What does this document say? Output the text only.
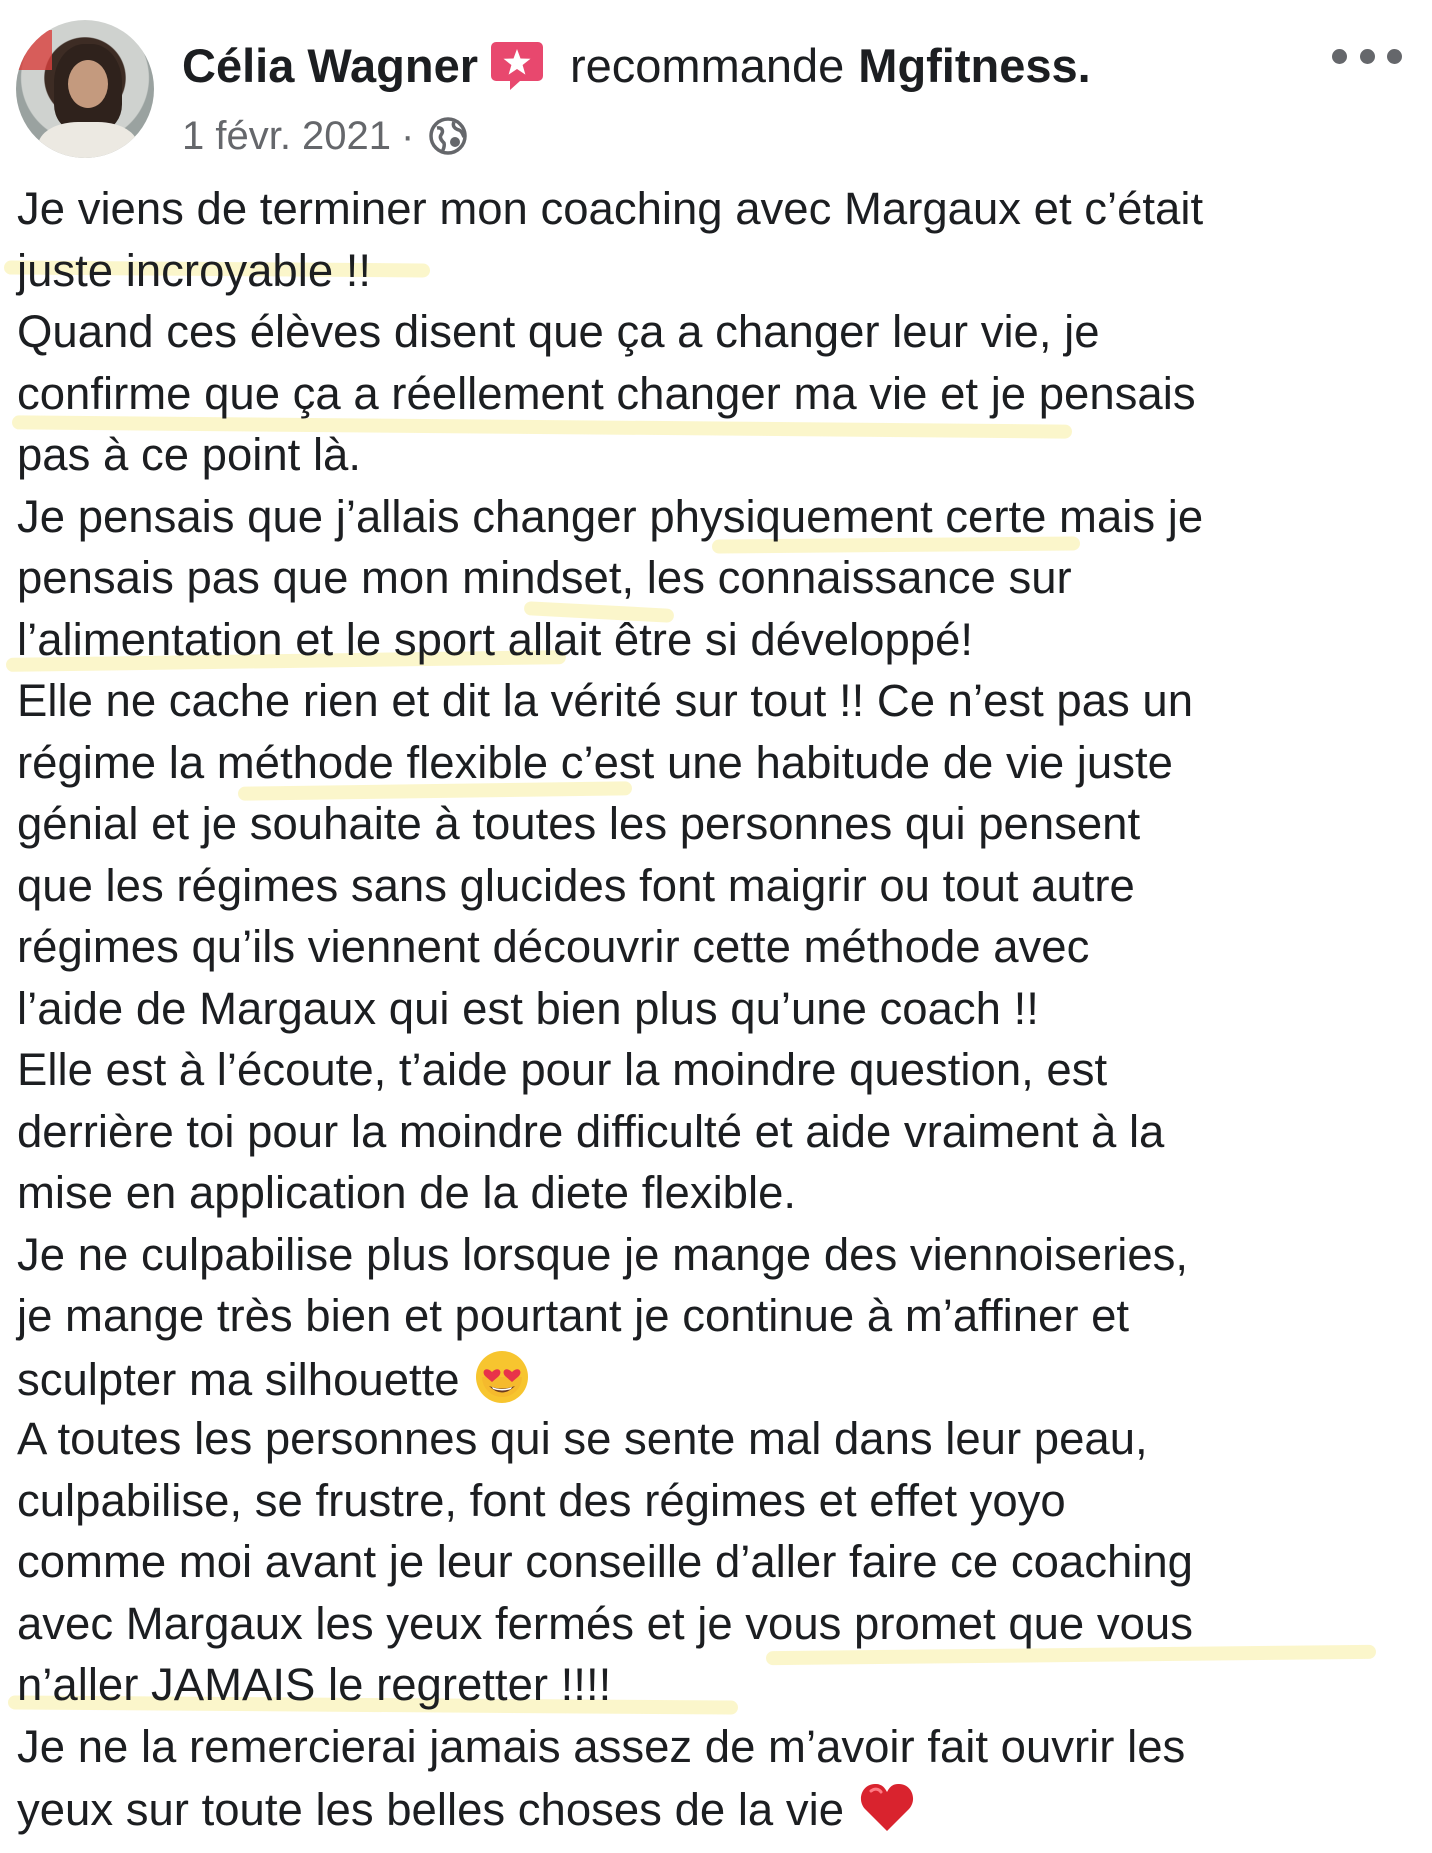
Célia Wagner recommande Mgfitness.
1 févr. 2021 ·
Je viens de terminer mon coaching avec Margaux et c’était
juste incroyable !!
Quand ces élèves disent que ça a changer leur vie, je
confirme que ça a réellement changer ma vie et je pensais
pas à ce point là.
Je pensais que j’allais changer physiquement certe mais je
pensais pas que mon mindset, les connaissance sur
l’alimentation et le sport allait être si développé!
Elle ne cache rien et dit la vérité sur tout !! Ce n’est pas un
régime la méthode flexible c’est une habitude de vie juste
génial et je souhaite à toutes les personnes qui pensent
que les régimes sans glucides font maigrir ou tout autre
régimes qu’ils viennent découvrir cette méthode avec
l’aide de Margaux qui est bien plus qu’une coach !!
Elle est à l’écoute, t’aide pour la moindre question, est
derrière toi pour la moindre difficulté et aide vraiment à la
mise en application de la diete flexible.
Je ne culpabilise plus lorsque je mange des viennoiseries,
je mange très bien et pourtant je continue à m’affiner et
sculpter ma silhouette
A toutes les personnes qui se sente mal dans leur peau,
culpabilise, se frustre, font des régimes et effet yoyo
comme moi avant je leur conseille d’aller faire ce coaching
avec Margaux les yeux fermés et je vous promet que vous
n’aller JAMAIS le regretter !!!!
Je ne la remercierai jamais assez de m’avoir fait ouvrir les
yeux sur toute les belles choses de la vie
